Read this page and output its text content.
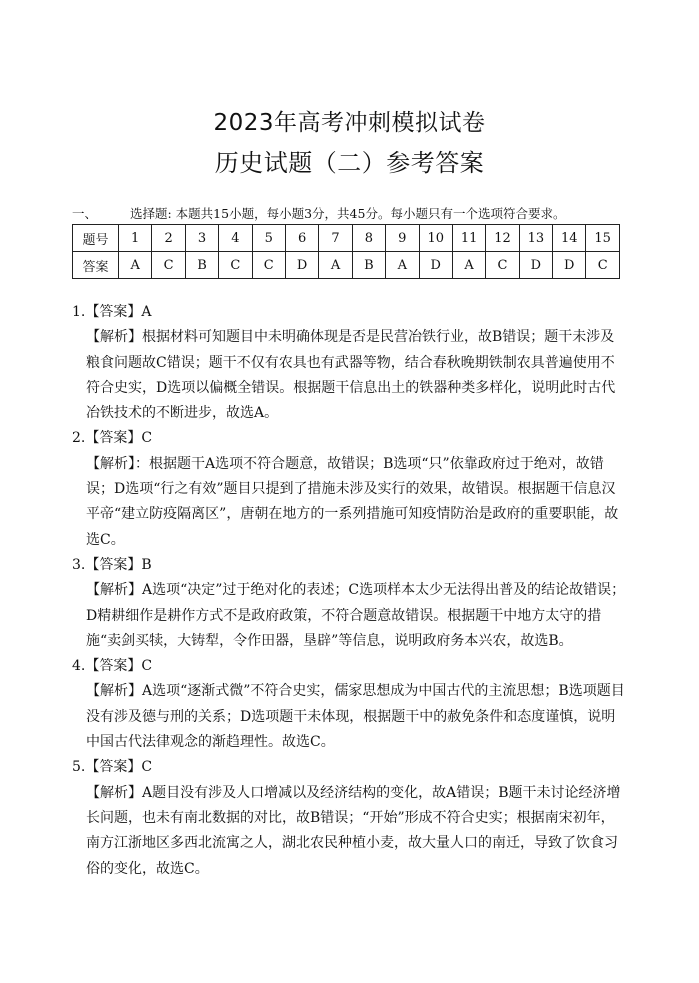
2023年高考冲刺模拟试卷
历史试题（二）参考答案
一、	选择题: 本题共15小题，每小题3分，共45分。每小题只有一个选项符合要求。
题号	1	2	3	4	5	6	7	8	9	10	11	12	13	14	15
答案	A	C	B	C	C	D	A	B	A	D	A	C	D	D	C

1.【答案】A

【解析】根据材料可知题目中未明确体现是否是民营冶铁行业，故B错误；题干未涉及粮食问题故C错误；题干不仅有农具也有武器等物，结合春秋晚期铁制农具普遍使用不符合史实，D选项以偏概全错误。根据题干信息出土的铁器种类多样化，说明此时古代冶铁技术的不断进步，故选A。

2.【答案】C

【解析】：根据题干A选项不符合题意，故错误；B选项“只”依靠政府过于绝对，故错误；D选项“行之有效”题目只提到了措施未涉及实行的效果，故错误。根据题干信息汉平帝“建立防疫隔离区”，唐朝在地方的一系列措施可知疫情防治是政府的重要职能，故选C。

3.【答案】B

【解析】A选项“决定”过于绝对化的表述；C选项样本太少无法得出普及的结论故错误；D精耕细作是耕作方式不是政府政策，不符合题意故错误。根据题干中地方太守的措施“卖剑买犊，大铸犁，令作田器，垦辟”等信息，说明政府务本兴农，故选B。

4.【答案】C

【解析】A选项“逐渐式微”不符合史实，儒家思想成为中国古代的主流思想；B选项题目没有涉及德与刑的关系；D选项题干未体现，根据题干中的赦免条件和态度谨慎，说明中国古代法律观念的渐趋理性。故选C。

5.【答案】C

【解析】A题目没有涉及人口增减以及经济结构的变化，故A错误；B题干未讨论经济增长问题，也未有南北数据的对比，故B错误；“开始”形成不符合史实；根据南宋初年，南方江浙地区多西北流寓之人，湖北农民种植小麦，故大量人口的南迁，导致了饮食习俗的变化，故选C。
